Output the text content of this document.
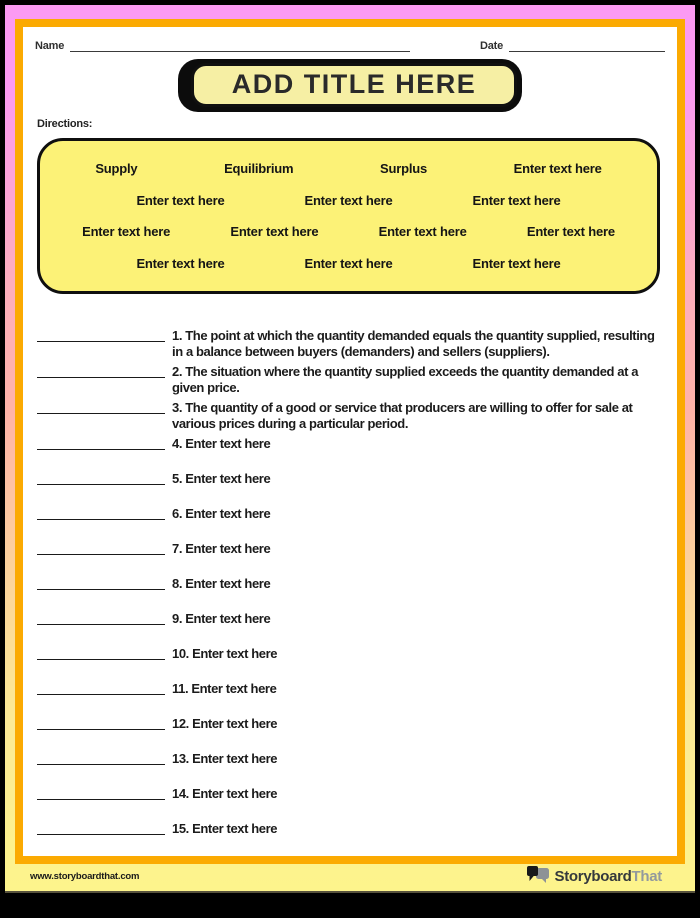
Name	Date
ADD TITLE HERE
Directions:
Supply	Equilibrium	Surplus	Enter text here
Enter text here	Enter text here	Enter text here
Enter text here	Enter text here	Enter text here	Enter text here
Enter text here	Enter text here	Enter text here
1. The point at which the quantity demanded equals the quantity supplied, resulting in a balance between buyers (demanders) and sellers (suppliers).
2. The situation where the quantity supplied exceeds the quantity demanded at a given price.
3. The quantity of a good or service that producers are willing to offer for sale at various prices during a particular period.
4. Enter text here
5. Enter text here
6. Enter text here
7. Enter text here
8. Enter text here
9. Enter text here
10. Enter text here
11. Enter text here
12. Enter text here
13. Enter text here
14. Enter text here
15. Enter text here
www.storyboardthat.com	StoryboardThat
